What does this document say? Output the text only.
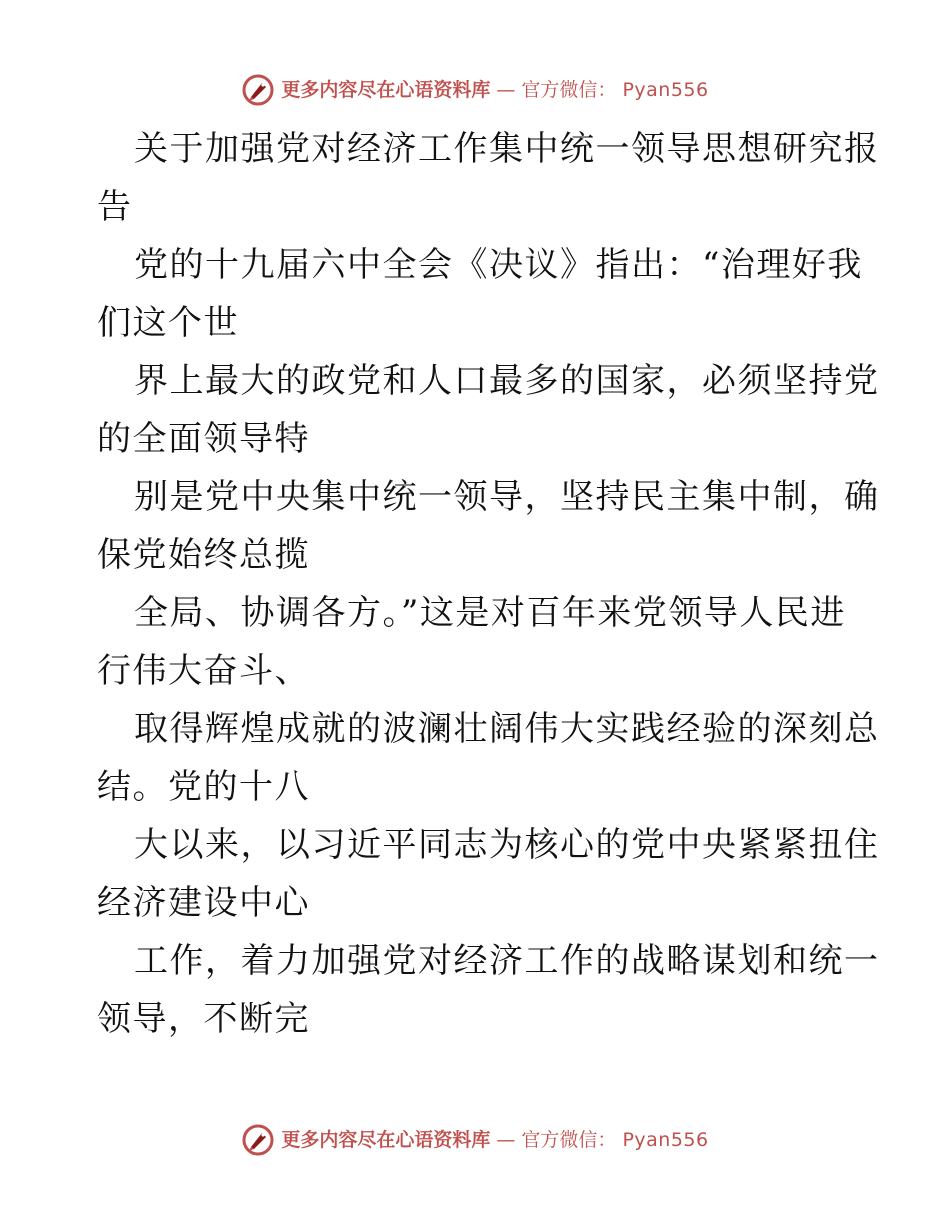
更多内容尽在心语资料库 — 官方微信： Pyan556
关于加强党对经济工作集中统一领导思想研究报
告
党的十九届六中全会《决议》指出：“治理好我
们这个世
界上最大的政党和人口最多的国家，必须坚持党
的全面领导特
别是党中央集中统一领导，坚持民主集中制，确
保党始终总揽
全局、协调各方。”这是对百年来党领导人民进
行伟大奋斗、
取得辉煌成就的波澜壮阔伟大实践经验的深刻总
结。党的十八
大以来，以习近平同志为核心的党中央紧紧扭住
经济建设中心
工作，着力加强党对经济工作的战略谋划和统一
领导，不断完
更多内容尽在心语资料库 — 官方微信： Pyan556
